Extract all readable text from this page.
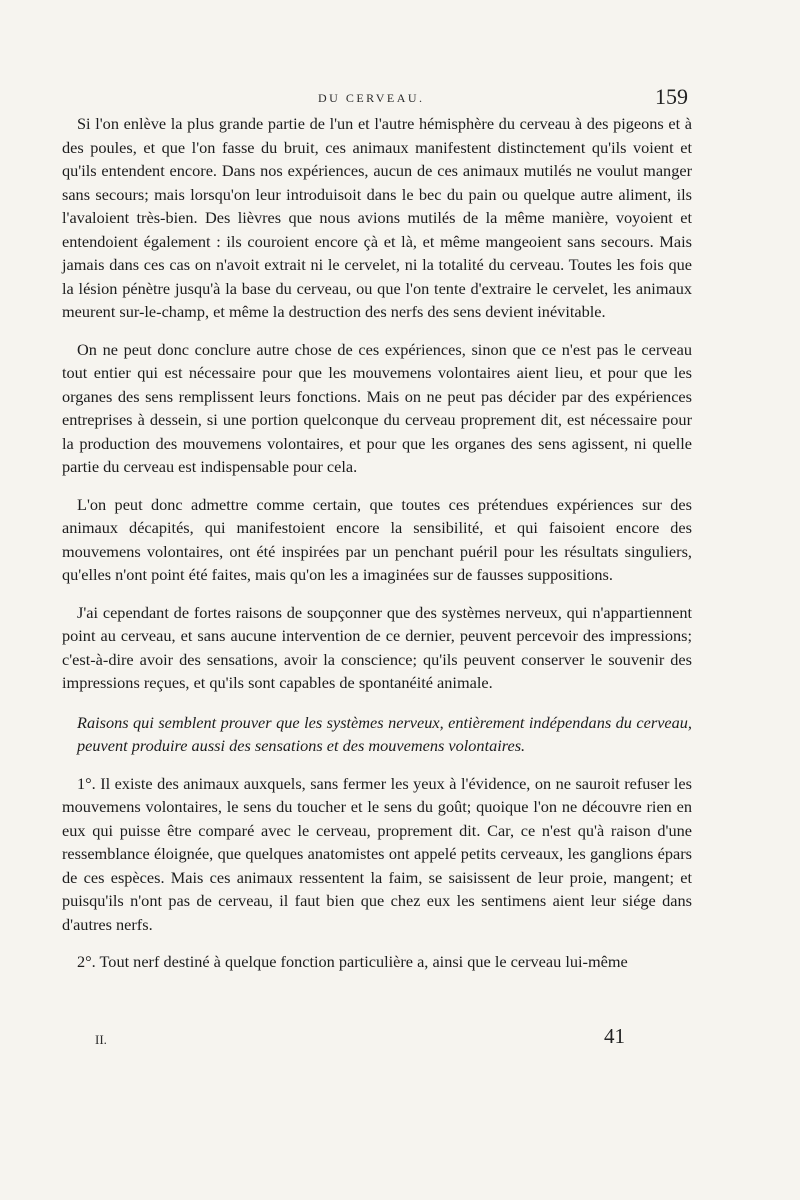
DU CERVEAU.	159

Si l'on enlève la plus grande partie de l'un et l'autre hémisphère du cerveau à des pigeons et à des poules, et que l'on fasse du bruit, ces animaux manifestent distinctement qu'ils voient et qu'ils entendent encore. Dans nos expériences, aucun de ces animaux mutilés ne voulut manger sans secours; mais lorsqu'on leur introduisoit dans le bec du pain ou quelque autre aliment, ils l'avaloient très-bien. Des lièvres que nous avions mutilés de la même manière, voyoient et entendoient également : ils couroient encore çà et là, et même mangeoient sans secours. Mais jamais dans ces cas on n'avoit extrait ni le cervelet, ni la totalité du cerveau. Toutes les fois que la lésion pénètre jusqu'à la base du cerveau, ou que l'on tente d'extraire le cervelet, les animaux meurent sur-le-champ, et même la destruction des nerfs des sens devient inévitable.

On ne peut donc conclure autre chose de ces expériences, sinon que ce n'est pas le cerveau tout entier qui est nécessaire pour que les mouvemens volontaires aient lieu, et pour que les organes des sens remplissent leurs fonctions. Mais on ne peut pas décider par des expériences entreprises à dessein, si une portion quelconque du cerveau proprement dit, est nécessaire pour la production des mouvemens volontaires, et pour que les organes des sens agissent, ni quelle partie du cerveau est indispensable pour cela.

L'on peut donc admettre comme certain, que toutes ces prétendues expériences sur des animaux décapités, qui manifestoient encore la sensibilité, et qui faisoient encore des mouvemens volontaires, ont été inspirées par un penchant puéril pour les résultats singuliers, qu'elles n'ont point été faites, mais qu'on les a imaginées sur de fausses suppositions.

J'ai cependant de fortes raisons de soupçonner que des systèmes nerveux, qui n'appartiennent point au cerveau, et sans aucune intervention de ce dernier, peuvent percevoir des impressions; c'est-à-dire avoir des sensations, avoir la conscience; qu'ils peuvent conserver le souvenir des impressions reçues, et qu'ils sont capables de spontanéité animale.

Raisons qui semblent prouver que les systèmes nerveux, entièrement indépendans du cerveau, peuvent produire aussi des sensations et des mouvemens volontaires.

1°. Il existe des animaux auxquels, sans fermer les yeux à l'évidence, on ne sauroit refuser les mouvemens volontaires, le sens du toucher et le sens du goût; quoique l'on ne découvre rien en eux qui puisse être comparé avec le cerveau, proprement dit. Car, ce n'est qu'à raison d'une ressemblance éloignée, que quelques anatomistes ont appelé petits cerveaux, les ganglions épars de ces espèces. Mais ces animaux ressentent la faim, se saisissent de leur proie, mangent; et puisqu'ils n'ont pas de cerveau, il faut bien que chez eux les sentimens aient leur siége dans d'autres nerfs.

2°. Tout nerf destiné à quelque fonction particulière a, ainsi que le cerveau lui-même

II.	41
